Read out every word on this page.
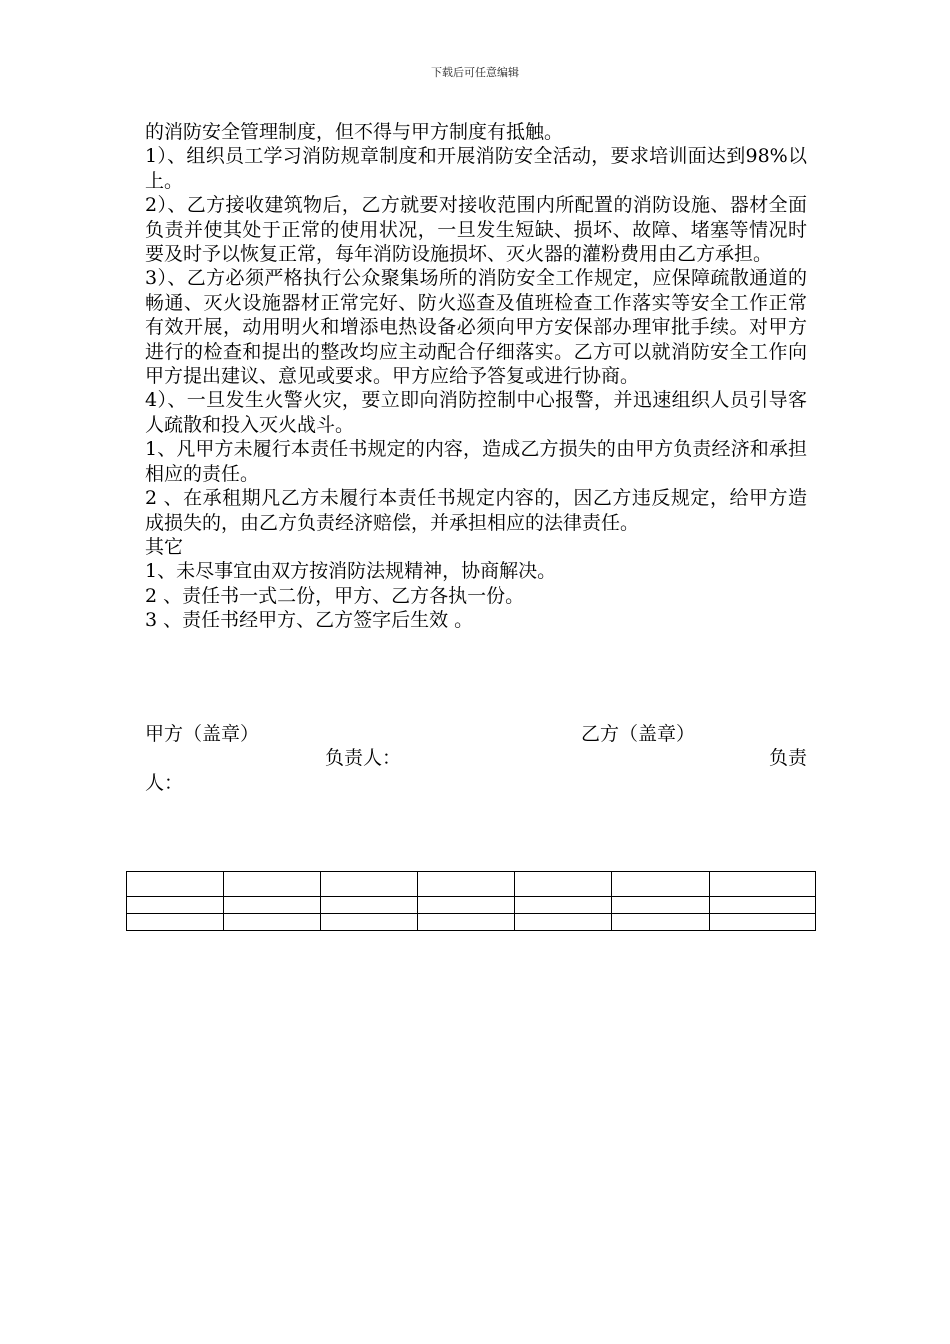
下载后可任意编辑

的消防安全管理制度，但不得与甲方制度有抵触。

1）、组织员工学习消防规章制度和开展消防安全活动，要求培训面达到98%以上。

2）、乙方接收建筑物后，乙方就要对接收范围内所配置的消防设施、器材全面负责并使其处于正常的使用状况，一旦发生短缺、损坏、故障、堵塞等情况时要及时予以恢复正常，每年消防设施损坏、灭火器的灌粉费用由乙方承担。

3）、乙方必须严格执行公众聚集场所的消防安全工作规定，应保障疏散通道的畅通、灭火设施器材正常完好、防火巡查及值班检查工作落实等安全工作正常有效开展，动用明火和增添电热设备必须向甲方安保部办理审批手续。对甲方进行的检查和提出的整改均应主动配合仔细落实。乙方可以就消防安全工作向甲方提出建议、意见或要求。甲方应给予答复或进行协商。

4）、一旦发生火警火灾，要立即向消防控制中心报警，并迅速组织人员引导客人疏散和投入灭火战斗。

1、凡甲方未履行本责任书规定的内容，造成乙方损失的由甲方负责经济和承担相应的责任。

2 、在承租期凡乙方未履行本责任书规定内容的，因乙方违反规定，给甲方造成损失的，由乙方负责经济赔偿，并承担相应的法律责任。

其它

1、未尽事宜由双方按消防法规精神，协商解决。

2 、责任书一式二份，甲方、乙方各执一份。

3 、责任书经甲方、乙方签字后生效 。

甲方（盖章）	乙方（盖章）
负责人：	负责
人：
